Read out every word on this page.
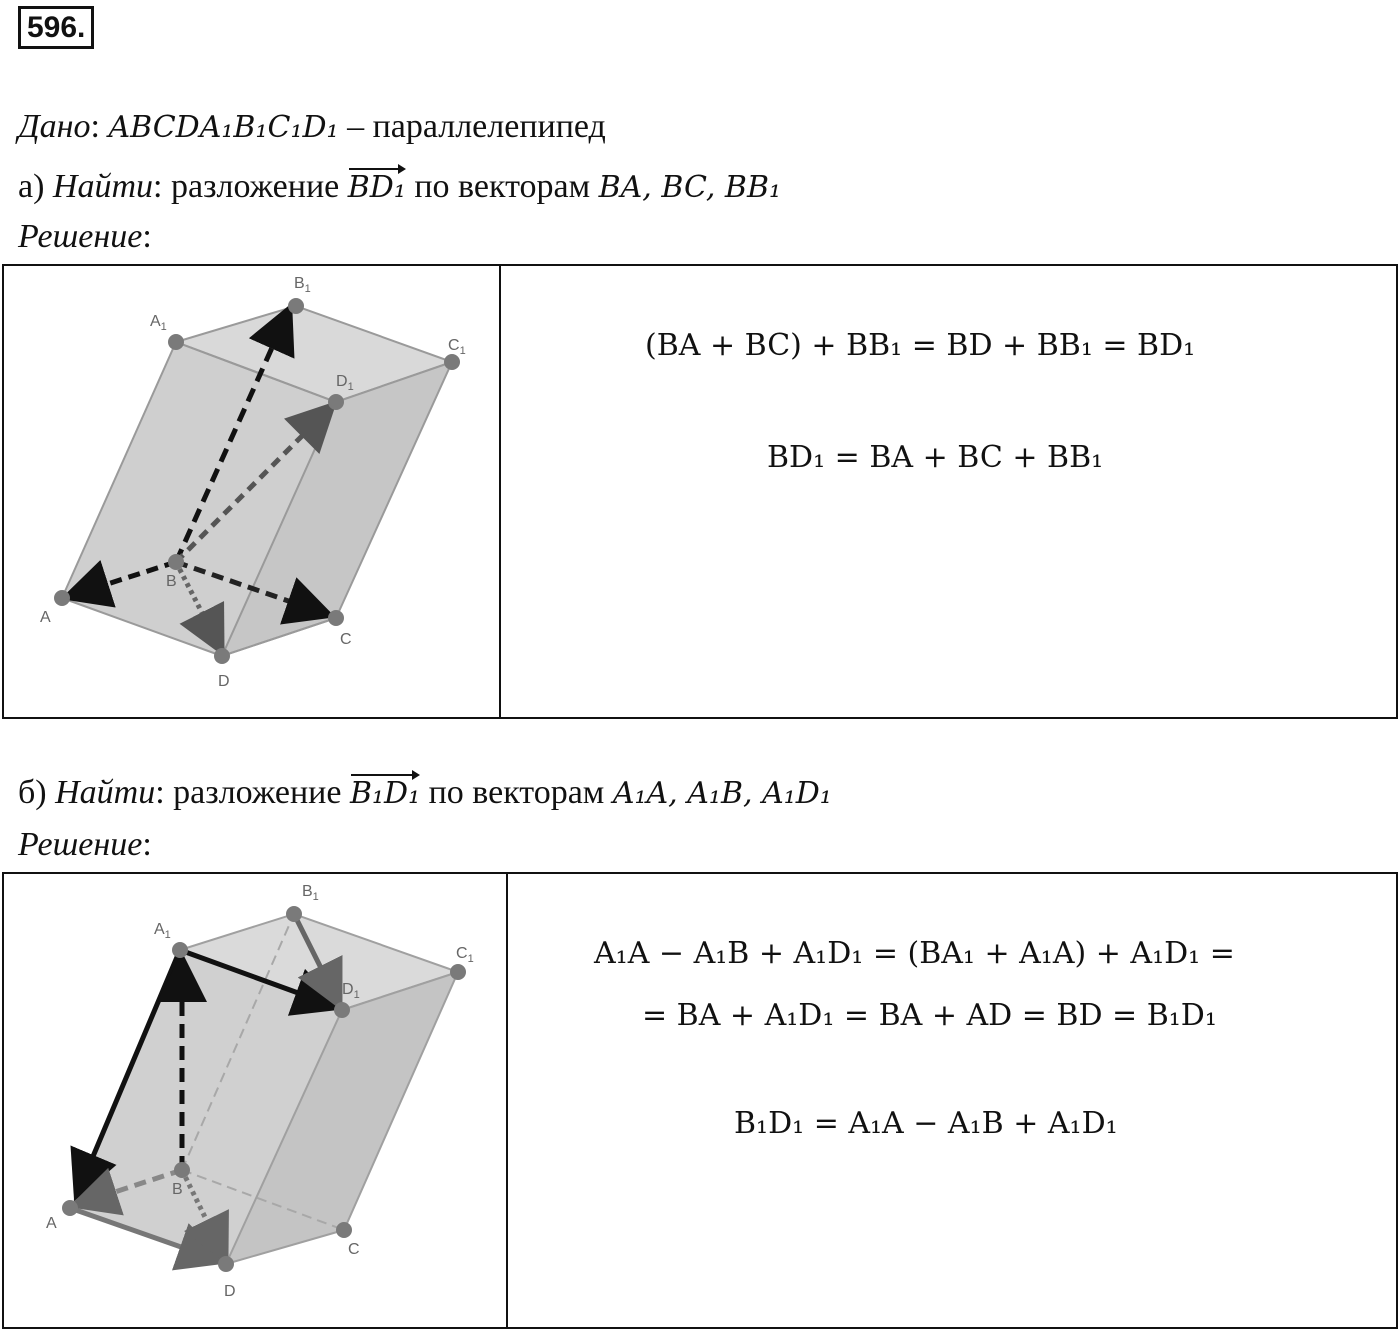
596.
Дано: ABCDA₁B₁C₁D₁ – параллелепипед
а) Найти: разложение BD₁ по векторам BA, BC, BB₁
Решение:
A
B
C
D
$A_1$
$B_1$
$C_1$
$D_1$

(BA + BC) + BB₁ = BD + BB₁ = BD₁
BD₁ = BA + BC + BB₁
б) Найти: разложение B₁D₁ по векторам A₁A, A₁B, A₁D₁
Решение:
A
B
C
D
$A_1$
$B_1$
$C_1$
$D_1$

A₁A − A₁B + A₁D₁ = (BA₁ + A₁A) + A₁D₁ =
= BA + A₁D₁ = BA + AD = BD = B₁D₁
B₁D₁ = A₁A − A₁B + A₁D₁
